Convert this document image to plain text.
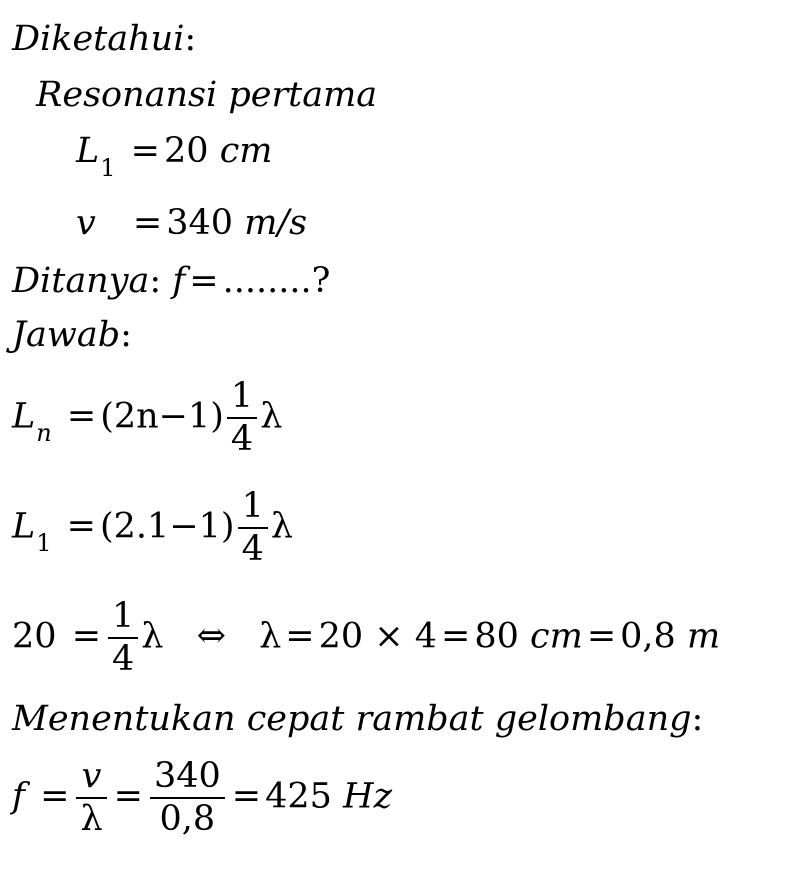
Diketahui:
Resonansi pertama
$L_1 = 20$ cm
v = 340 m/s
Ditanya: f = ........?
Jawab:
$L_n = (2n-1) \frac{1}{4}$ λ
$L_1 = (2.1-1) \frac{1}{4}$ λ
$20 = \frac{1}{4}$ λ ⇔ λ = 20 × 4 = 80 cm = 0,8 m
Menentukan cepat rambat gelombang:
$f = \frac{v}{\lambda} = \frac{340}{0,8} = 425$ Hz
